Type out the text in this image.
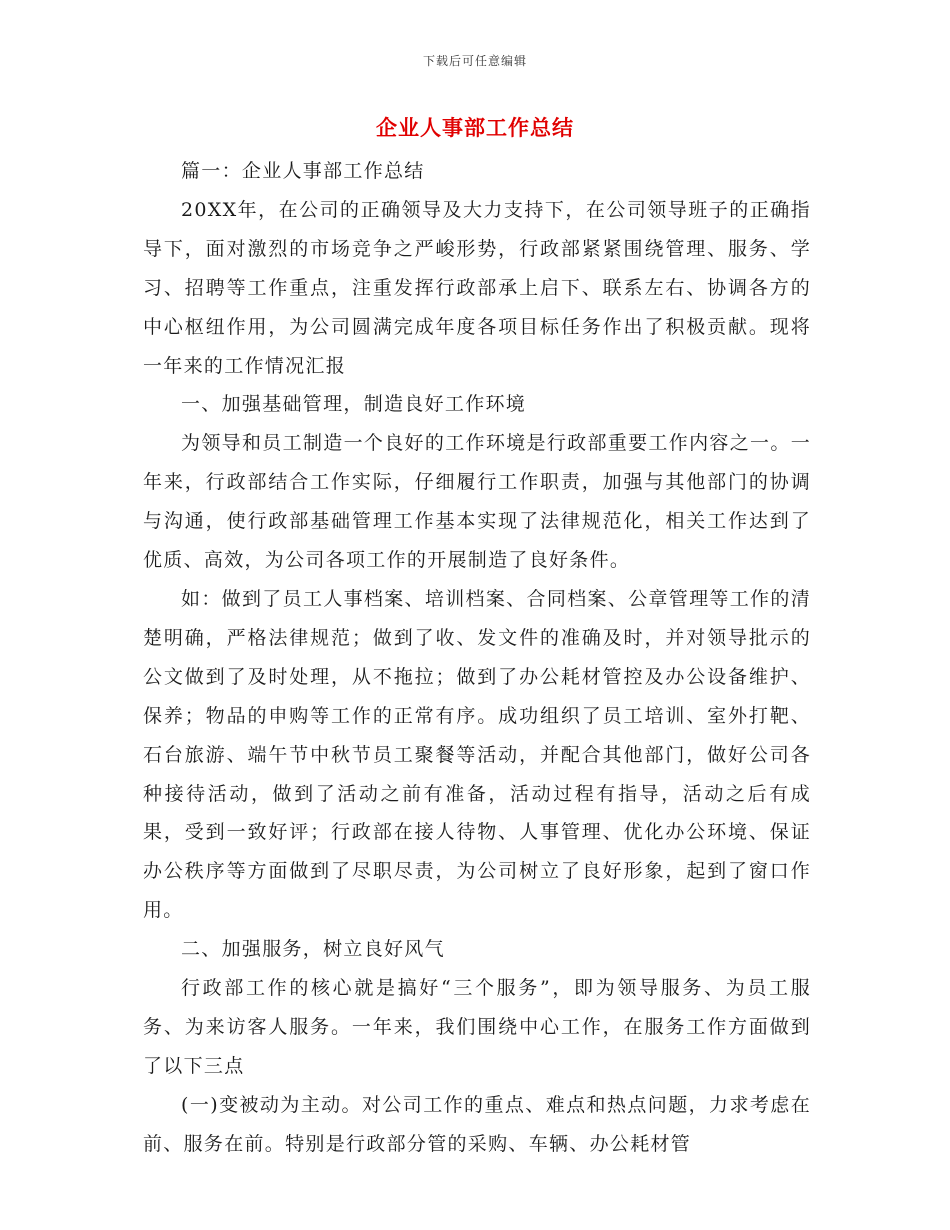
下载后可任意编辑
企业人事部工作总结

篇一：企业人事部工作总结

20XX年，在公司的正确领导及大力支持下，在公司领导班子的正确指导下，面对激烈的市场竞争之严峻形势，行政部紧紧围绕管理、服务、学习、招聘等工作重点，注重发挥行政部承上启下、联系左右、协调各方的中心枢纽作用，为公司圆满完成年度各项目标任务作出了积极贡献。现将一年来的工作情况汇报

一、加强基础管理，制造良好工作环境

为领导和员工制造一个良好的工作环境是行政部重要工作内容之一。一年来，行政部结合工作实际，仔细履行工作职责，加强与其他部门的协调与沟通，使行政部基础管理工作基本实现了法律规范化，相关工作达到了优质、高效，为公司各项工作的开展制造了良好条件。

如：做到了员工人事档案、培训档案、合同档案、公章管理等工作的清楚明确，严格法律规范；做到了收、发文件的准确及时，并对领导批示的公文做到了及时处理，从不拖拉；做到了办公耗材管控及办公设备维护、保养；物品的申购等工作的正常有序。成功组织了员工培训、室外打靶、石台旅游、端午节中秋节员工聚餐等活动，并配合其他部门，做好公司各种接待活动，做到了活动之前有准备，活动过程有指导，活动之后有成果，受到一致好评；行政部在接人待物、人事管理、优化办公环境、保证办公秩序等方面做到了尽职尽责，为公司树立了良好形象，起到了窗口作用。

二、加强服务，树立良好风气

行政部工作的核心就是搞好“三个服务”，即为领导服务、为员工服务、为来访客人服务。一年来，我们围绕中心工作，在服务工作方面做到了以下三点

(一)变被动为主动。对公司工作的重点、难点和热点问题，力求考虑在前、服务在前。特别是行政部分管的采购、车辆、办公耗材管
